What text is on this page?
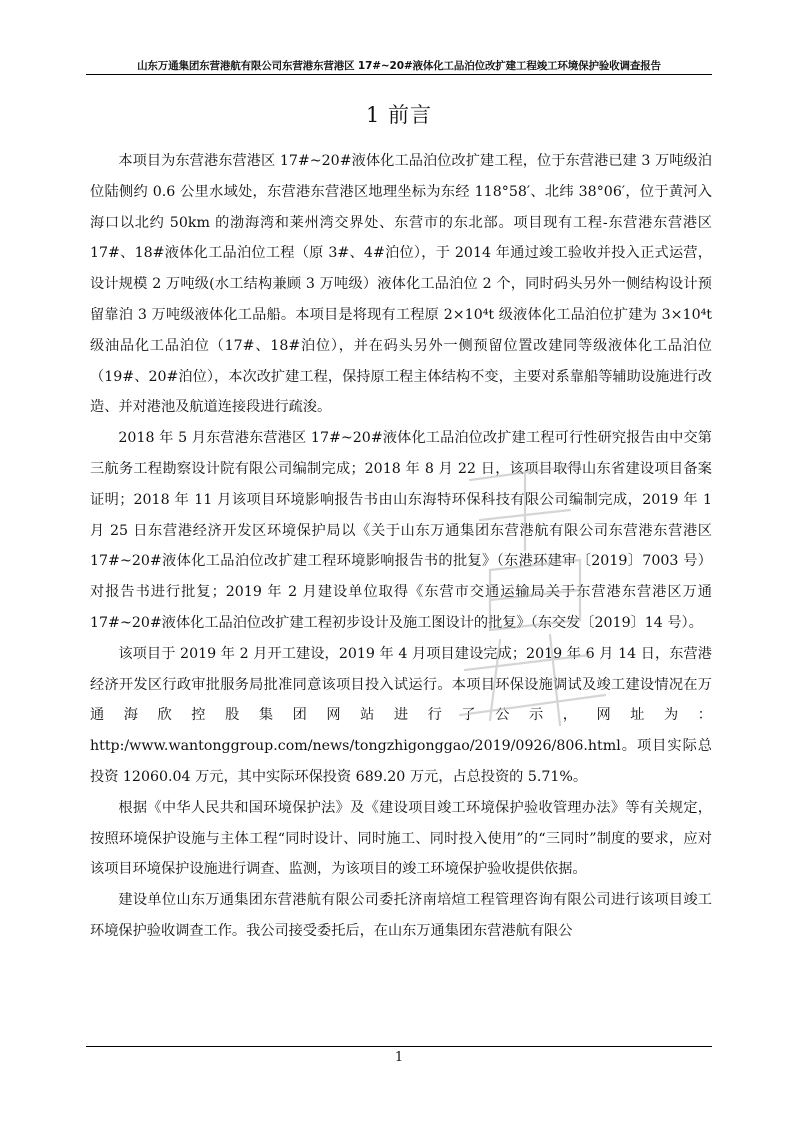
山东万通集团东营港航有限公司东营港东营港区 17#~20#液体化工品泊位改扩建工程竣工环境保护验收调查报告
1 前言

本项目为东营港东营港区 17#~20#液体化工品泊位改扩建工程，位于东营港已建 3 万吨级泊位陆侧约 0.6 公里水域处，东营港东营港区地理坐标为东经 118°58′、北纬 38°06′，位于黄河入海口以北约 50km 的渤海湾和莱州湾交界处、东营市的东北部。项目现有工程-东营港东营港区 17#、18#液体化工品泊位工程（原 3#、4#泊位），于 2014 年通过竣工验收并投入正式运营，设计规模 2 万吨级(水工结构兼顾 3 万吨级）液体化工品泊位 2 个，同时码头另外一侧结构设计预留靠泊 3 万吨级液体化工品船。本项目是将现有工程原 2×10⁴t 级液体化工品泊位扩建为 3×10⁴t 级油品化工品泊位（17#、18#泊位），并在码头另外一侧预留位置改建同等级液体化工品泊位（19#、20#泊位），本次改扩建工程，保持原工程主体结构不变，主要对系靠船等辅助设施进行改造、并对港池及航道连接段进行疏浚。

2018 年 5 月东营港东营港区 17#~20#液体化工品泊位改扩建工程可行性研究报告由中交第三航务工程勘察设计院有限公司编制完成；2018 年 8 月 22 日，该项目取得山东省建设项目备案证明；2018 年 11 月该项目环境影响报告书由山东海特环保科技有限公司编制完成，2019 年 1 月 25 日东营港经济开发区环境保护局以《关于山东万通集团东营港航有限公司东营港东营港区 17#~20#液体化工品泊位改扩建工程环境影响报告书的批复》（东港环建审〔2019〕7003 号）对报告书进行批复；2019 年 2 月建设单位取得《东营市交通运输局关于东营港东营港区万通 17#~20#液体化工品泊位改扩建工程初步设计及施工图设计的批复》（东交发〔2019〕14 号）。

该项目于 2019 年 2 月开工建设，2019 年 4 月项目建设完成；2019 年 6 月 14 日，东营港经济开发区行政审批服务局批准同意该项目投入试运行。本项目环保设施调试及竣工建设情况在万通海欣控股集团网站进行了公示，网址为：http:/www.wantonggroup.com/news/tongzhigonggao/2019/0926/806.html。项目实际总投资 12060.04 万元，其中实际环保投资 689.20 万元，占总投资的 5.71%。

根据《中华人民共和国环境保护法》及《建设项目竣工环境保护验收管理办法》等有关规定，按照环境保护设施与主体工程“同时设计、同时施工、同时投入使用”的“三同时”制度的要求，应对该项目环境保护设施进行调查、监测，为该项目的竣工环境保护验收提供依据。

建设单位山东万通集团东营港航有限公司委托济南培煊工程管理咨询有限公司进行该项目竣工环境保护验收调查工作。我公司接受委托后，在山东万通集团东营港航有限公

1
